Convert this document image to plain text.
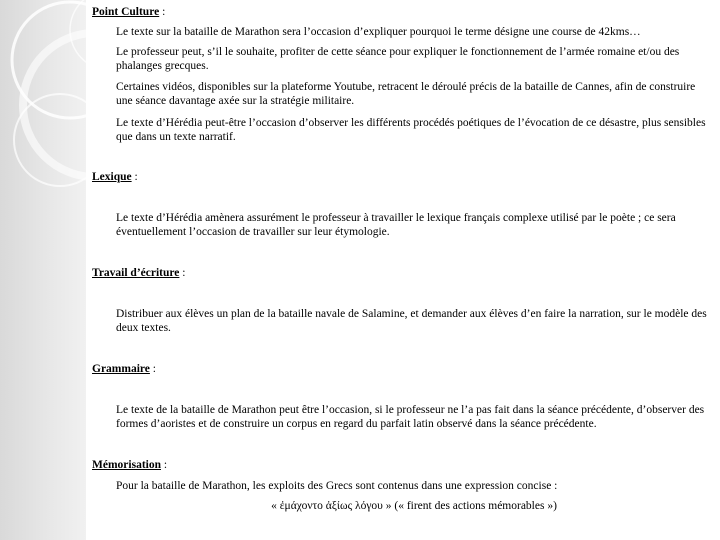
Point Culture :
Le texte sur la bataille de Marathon sera l’occasion d’expliquer pourquoi le terme désigne une course de 42kms…
Le professeur peut, s’il le souhaite, profiter de cette séance pour expliquer le fonctionnement de l’armée romaine et/ou des phalanges grecques.
Certaines vidéos, disponibles sur la plateforme Youtube, retracent le déroulé précis de la bataille de Cannes, afin de construire une séance davantage axée sur la stratégie militaire.
Le texte d’Hérédia peut-être l’occasion d’observer les différents procédés poétiques de l’évocation de ce désastre, plus sensibles que dans un texte narratif.
Lexique :
Le texte d’Hérédia amènera assurément le professeur à travailler le lexique français complexe utilisé par le poète ; ce sera éventuellement l’occasion de travailler sur leur étymologie.
Travail d’écriture :
Distribuer aux élèves un plan de la bataille navale de Salamine, et demander aux élèves d’en faire la narration, sur le modèle des deux textes.
Grammaire :
Le texte de la bataille de Marathon peut être l’occasion, si le professeur ne l’a pas fait dans la séance précédente, d’observer des formes d’aoristes et de construire un corpus en regard du parfait latin observé dans la séance précédente.
Mémorisation :
Pour la bataille de Marathon, les exploits des Grecs sont contenus dans une expression concise :
« ἐμάχοντο ἀξίως λόγου » (« firent des actions mémorables »)
